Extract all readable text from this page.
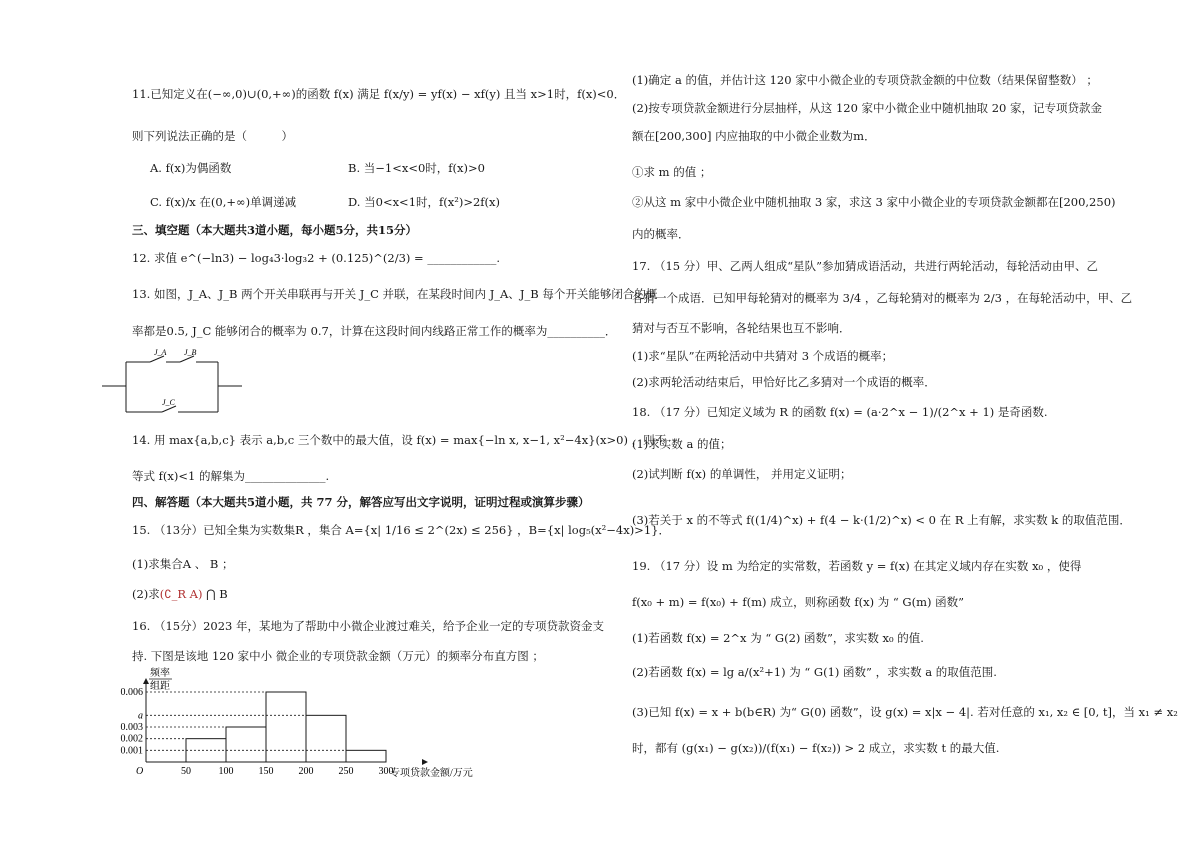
11.已知定义在(−∞,0)∪(0,+∞)的函数 f(x) 满足 f(x/y) = yf(x) − xf(y) 且当 x>1时，f(x)<0．
则下列说法正确的是（　　　）
A. f(x)为偶函数	B. 当−1<x<0时，f(x)>0
C. f(x)/x 在(0,+∞)单调递减	D. 当0<x<1时，f(x²)>2f(x)
三、填空题（本大题共3道小题，每小题5分，共15分）
12. 求值 e^(−ln3) − log₄3·log₃2 + (0.125)^(2/3) = ____________.
13. 如图，J_A、J_B 两个开关串联再与开关 J_C 并联，在某段时间内 J_A、J_B 每个开关能够闭合的概
率都是0.5, J_C 能够闭合的概率为 0.7，计算在这段时间内线路正常工作的概率为__________．
J_A J_B
J_C
14. 用 max{a,b,c} 表示 a,b,c 三个数中的最大值，设 f(x) = max{−ln x, x−1, x²−4x}(x>0) ，则不
等式 f(x)<1 的解集为______________.
四、解答题（本大题共5道小题，共 77 分，解答应写出文字说明，证明过程或演算步骤）
15. （13分）已知全集为实数集R ，集合 A={x| 1/16 ≤ 2^(2x) ≤ 256} ，B={x| log₅(x²−4x)>1}．
(1)求集合A 、 B ；
(2)求(∁_R A) ⋂ B
16. （15分）2023 年，某地为了帮助中小微企业渡过难关，给予企业一定的专项贷款资金支
持. 下图是该地 120 家中小 微企业的专项贷款金额（万元）的频率分布直方图 ；
0.006
a
0.003
0.002
0.001
50	100	150	200	250	300
O	专项贷款金额/万元
频率
组距
(1)确定 a 的值，并估计这 120 家中小微企业的专项贷款金额的中位数（结果保留整数） ；
(2)按专项贷款金额进行分层抽样，从这 120 家中小微企业中随机抽取 20 家，记专项贷款金
额在[200,300] 内应抽取的中小微企业数为m．
①求 m 的值 ；
②从这 m 家中小微企业中随机抽取 3 家，求这 3 家中小微企业的专项贷款金额都在[200,250)
内的概率．
17. （15 分）甲、乙两人组成“星队”参加猜成语活动，共进行两轮活动，每轮活动由甲、乙
各猜一个成语．已知甲每轮猜对的概率为 3/4 ，乙每轮猜对的概率为 2/3 ，在每轮活动中，甲、乙
猜对与否互不影响，各轮结果也互不影响．
(1)求“星队”在两轮活动中共猜对 3 个成语的概率；
(2)求两轮活动结束后，甲恰好比乙多猜对一个成语的概率．
18. （17 分）已知定义域为 R 的函数 f(x) = (a·2^x − 1)/(2^x + 1) 是奇函数.
(1)求实数 a 的值；
(2)试判断 f(x) 的单调性， 并用定义证明；
(3)若关于 x 的不等式 f((1/4)^x) + f(4 − k·(1/2)^x) < 0 在 R 上有解，求实数 k 的取值范围．
19. （17 分）设 m 为给定的实常数，若函数 y = f(x) 在其定义域内存在实数 x₀ ，使得
f(x₀ + m) = f(x₀) + f(m) 成立，则称函数 f(x) 为 “ G(m) 函数”
(1)若函数 f(x) = 2^x 为 “ G(2) 函数”，求实数 x₀ 的值.
(2)若函数 f(x) = lg a/(x²+1) 为 “ G(1) 函数” ，求实数 a 的取值范围.
(3)已知 f(x) = x + b(b∈R) 为“ G(0) 函数”，设 g(x) = x|x − 4|. 若对任意的 x₁, x₂ ∈ [0, t]，当 x₁ ≠ x₂
时，都有 (g(x₁) − g(x₂))/(f(x₁) − f(x₂)) > 2 成立，求实数 t 的最大值.
